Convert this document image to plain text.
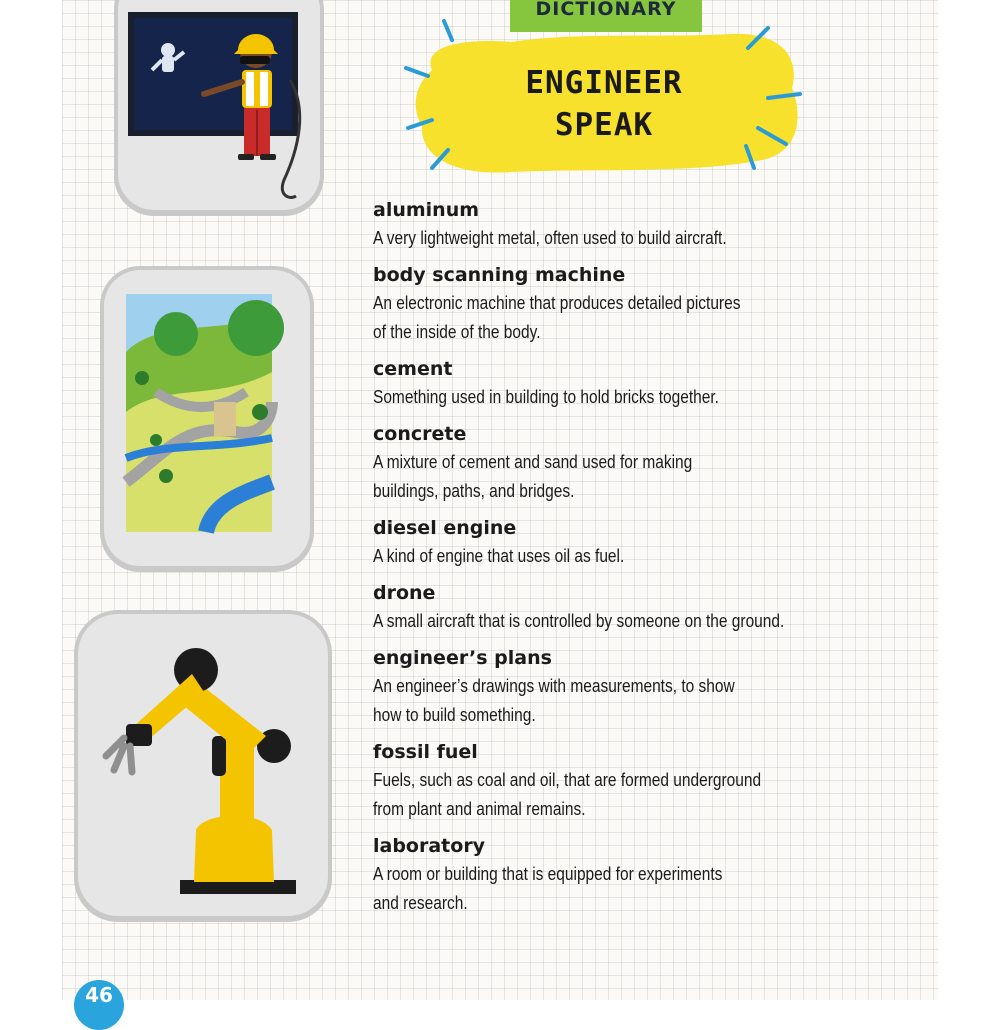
DICTIONARY
ENGINEER
SPEAK
aluminum
A very lightweight metal, often used to build aircraft.
body scanning machine
An electronic machine that produces detailed pictures
of the inside of the body.
cement
Something used in building to hold bricks together.
concrete
A mixture of cement and sand used for making
buildings, paths, and bridges.
diesel engine
A kind of engine that uses oil as fuel.
drone
A small aircraft that is controlled by someone on the ground.
engineer’s plans
An engineer’s drawings with measurements, to show
how to build something.
fossil fuel
Fuels, such as coal and oil, that are formed underground
from plant and animal remains.
laboratory
A room or building that is equipped for experiments
and research.
46
